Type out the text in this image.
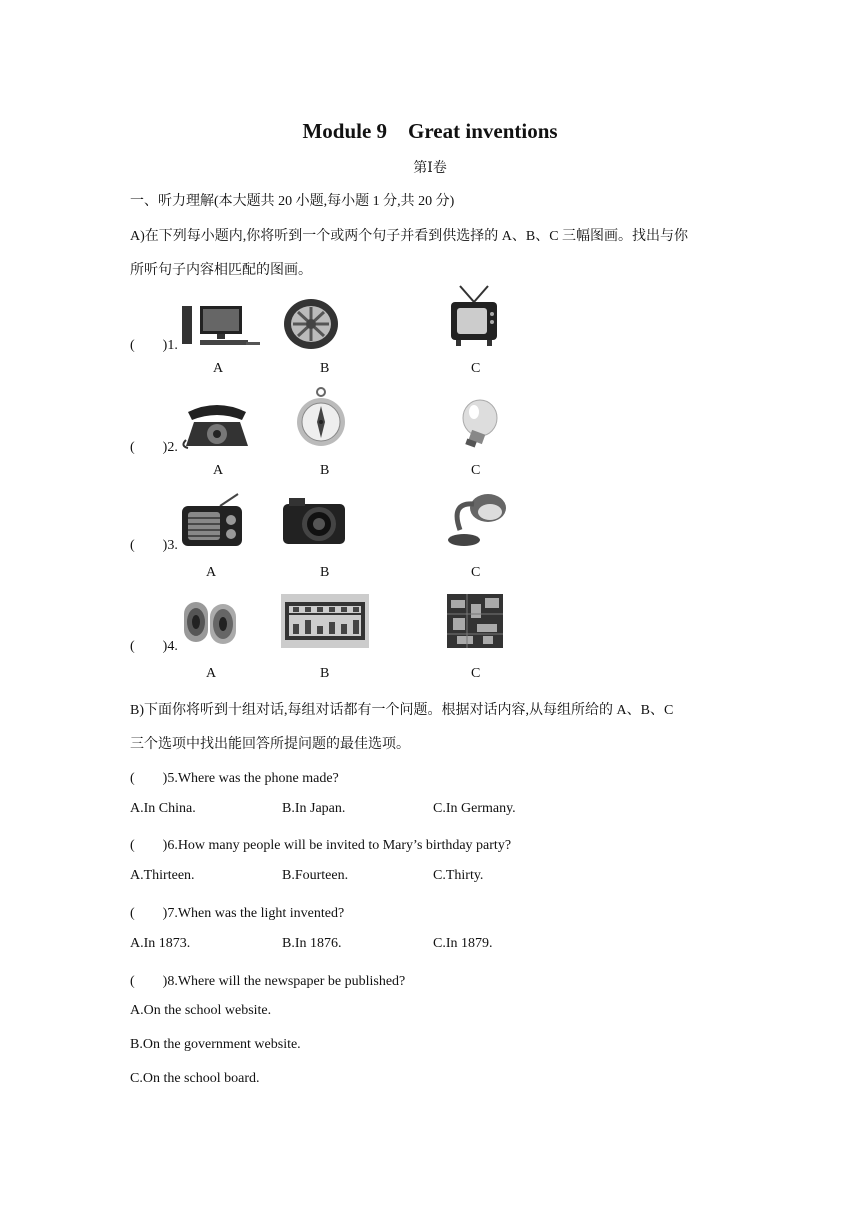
Module 9　Great inventions
第Ⅰ卷
一、听力理解(本大题共 20 小题,每小题 1 分,共 20 分)
A)在下列每小题内,你将听到一个或两个句子并看到供选择的 A、B、C 三幅图画。找出与你
所听句子内容相匹配的图画。
(　　)1.
A	B	C
(　　)2.
A	B	C
(　　)3.
A	B	C
(　　)4.
A	B	C
B)下面你将听到十组对话,每组对话都有一个问题。根据对话内容,从每组所给的 A、B、C
三个选项中找出能回答所提问题的最佳选项。
(　　)5.Where was the phone made?
A.In China.	B.In Japan.	C.In Germany.
(　　)6.How many people will be invited to Mary’s birthday party?
A.Thirteen.	B.Fourteen.	C.Thirty.
(　　)7.When was the light invented?
A.In 1873.	B.In 1876.	C.In 1879.
(　　)8.Where will the newspaper be published?
A.On the school website.
B.On the government website.
C.On the school board.
